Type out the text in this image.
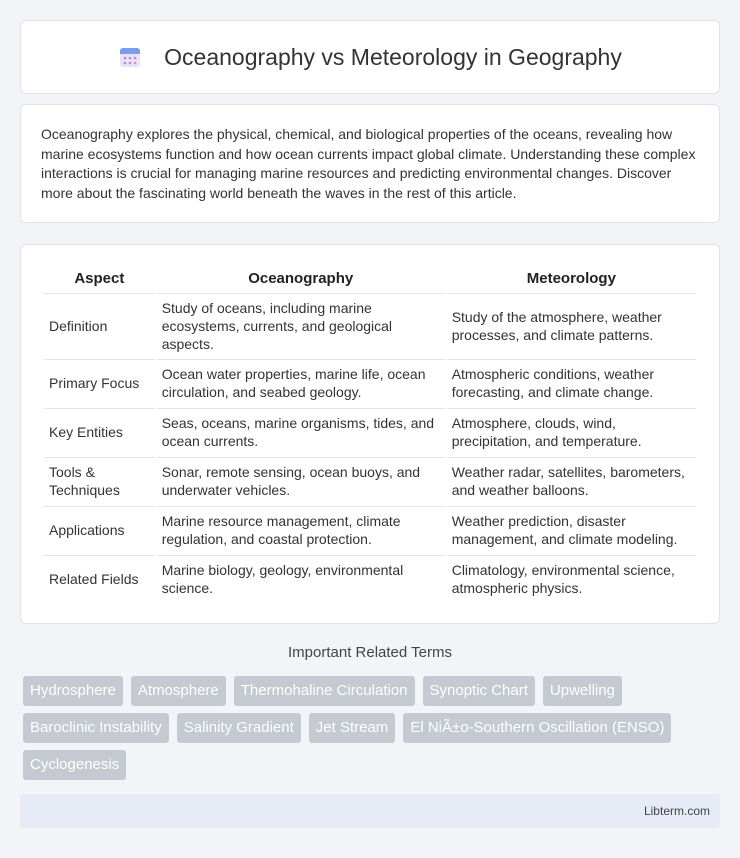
Oceanography vs Meteorology in Geography

Oceanography explores the physical, chemical, and biological properties of the oceans, revealing how marine ecosystems function and how ocean currents impact global climate. Understanding these complex interactions is crucial for managing marine resources and predicting environmental changes. Discover more about the fascinating world beneath the waves in the rest of this article.

Aspect	Oceanography	Meteorology
Definition	Study of oceans, including marine ecosystems, currents, and geological aspects.	Study of the atmosphere, weather processes, and climate patterns.
Primary Focus	Ocean water properties, marine life, ocean circulation, and seabed geology.	Atmospheric conditions, weather forecasting, and climate change.
Key Entities	Seas, oceans, marine organisms, tides, and ocean currents.	Atmosphere, clouds, wind, precipitation, and temperature.
Tools & Techniques	Sonar, remote sensing, ocean buoys, and underwater vehicles.	Weather radar, satellites, barometers, and weather balloons.
Applications	Marine resource management, climate regulation, and coastal protection.	Weather prediction, disaster management, and climate modeling.
Related Fields	Marine biology, geology, environmental science.	Climatology, environmental science, atmospheric physics.
Important Related Terms
Hydrosphere	Atmosphere	Thermohaline Circulation	Synoptic Chart	Upwelling
Baroclinic Instability	Salinity Gradient	Jet Stream	El NiÃ±o-Southern Oscillation (ENSO)
Cyclogenesis
Libterm.com
